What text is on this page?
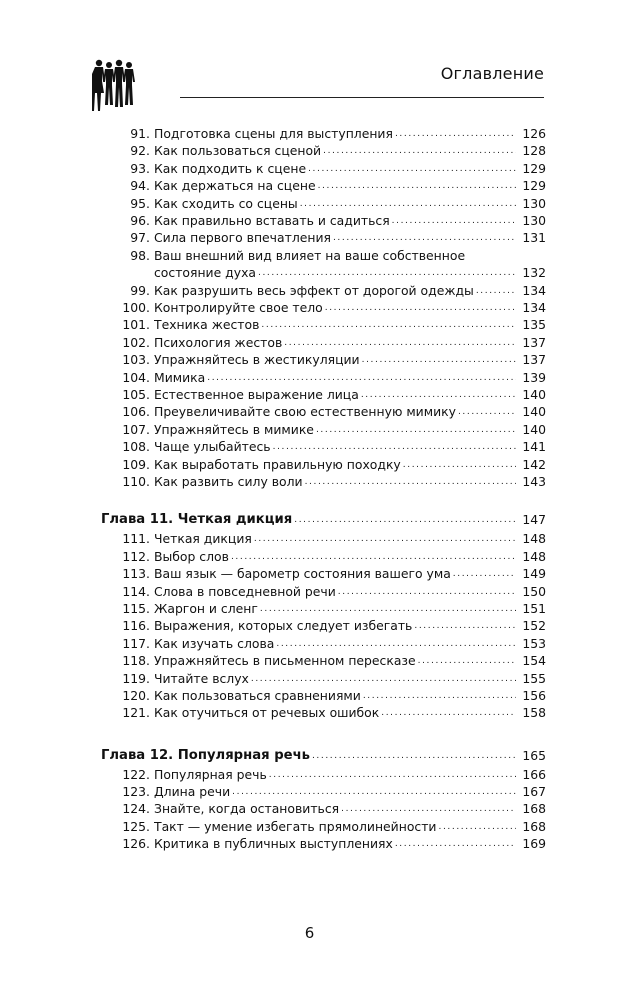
Оглавление
91. Подготовка сцены для выступления .....	126
92. Как пользоваться сценой .....	128
93. Как подходить к сцене .....	129
94. Как держаться на сцене .....	129
95. Как сходить со сцены .....	130
96. Как правильно вставать и садиться .....	130
97. Сила первого впечатления .....	131
98. Ваш внешний вид влияет на ваше собственное
состояние духа .....	132
99. Как разрушить весь эффект от дорогой одежды .....	134
100. Контролируйте свое тело .....	134
101. Техника жестов .....	135
102. Психология жестов .....	137
103. Упражняйтесь в жестикуляции .....	137
104. Мимика .....	139
105. Естественное выражение лица .....	140
106. Преувеличивайте свою естественную мимику .....	140
107. Упражняйтесь в мимике .....	140
108. Чаще улыбайтесь .....	141
109. Как выработать правильную походку .....	142
110. Как развить силу воли .....	143
Глава 11. Четкая дикция .....	147
111. Четкая дикция .....	148
112. Выбор слов .....	148
113. Ваш язык — барометр состояния вашего ума .....	149
114. Слова в повседневной речи .....	150
115. Жаргон и сленг .....	151
116. Выражения, которых следует избегать .....	152
117. Как изучать слова .....	153
118. Упражняйтесь в письменном пересказе .....	154
119. Читайте вслух .....	155
120. Как пользоваться сравнениями .....	156
121. Как отучиться от речевых ошибок .....	158
Глава 12. Популярная речь .....	165
122. Популярная речь .....	166
123. Длина речи .....	167
124. Знайте, когда остановиться .....	168
125. Такт — умение избегать прямолинейности .....	168
126. Критика в публичных выступлениях .....	169
6
